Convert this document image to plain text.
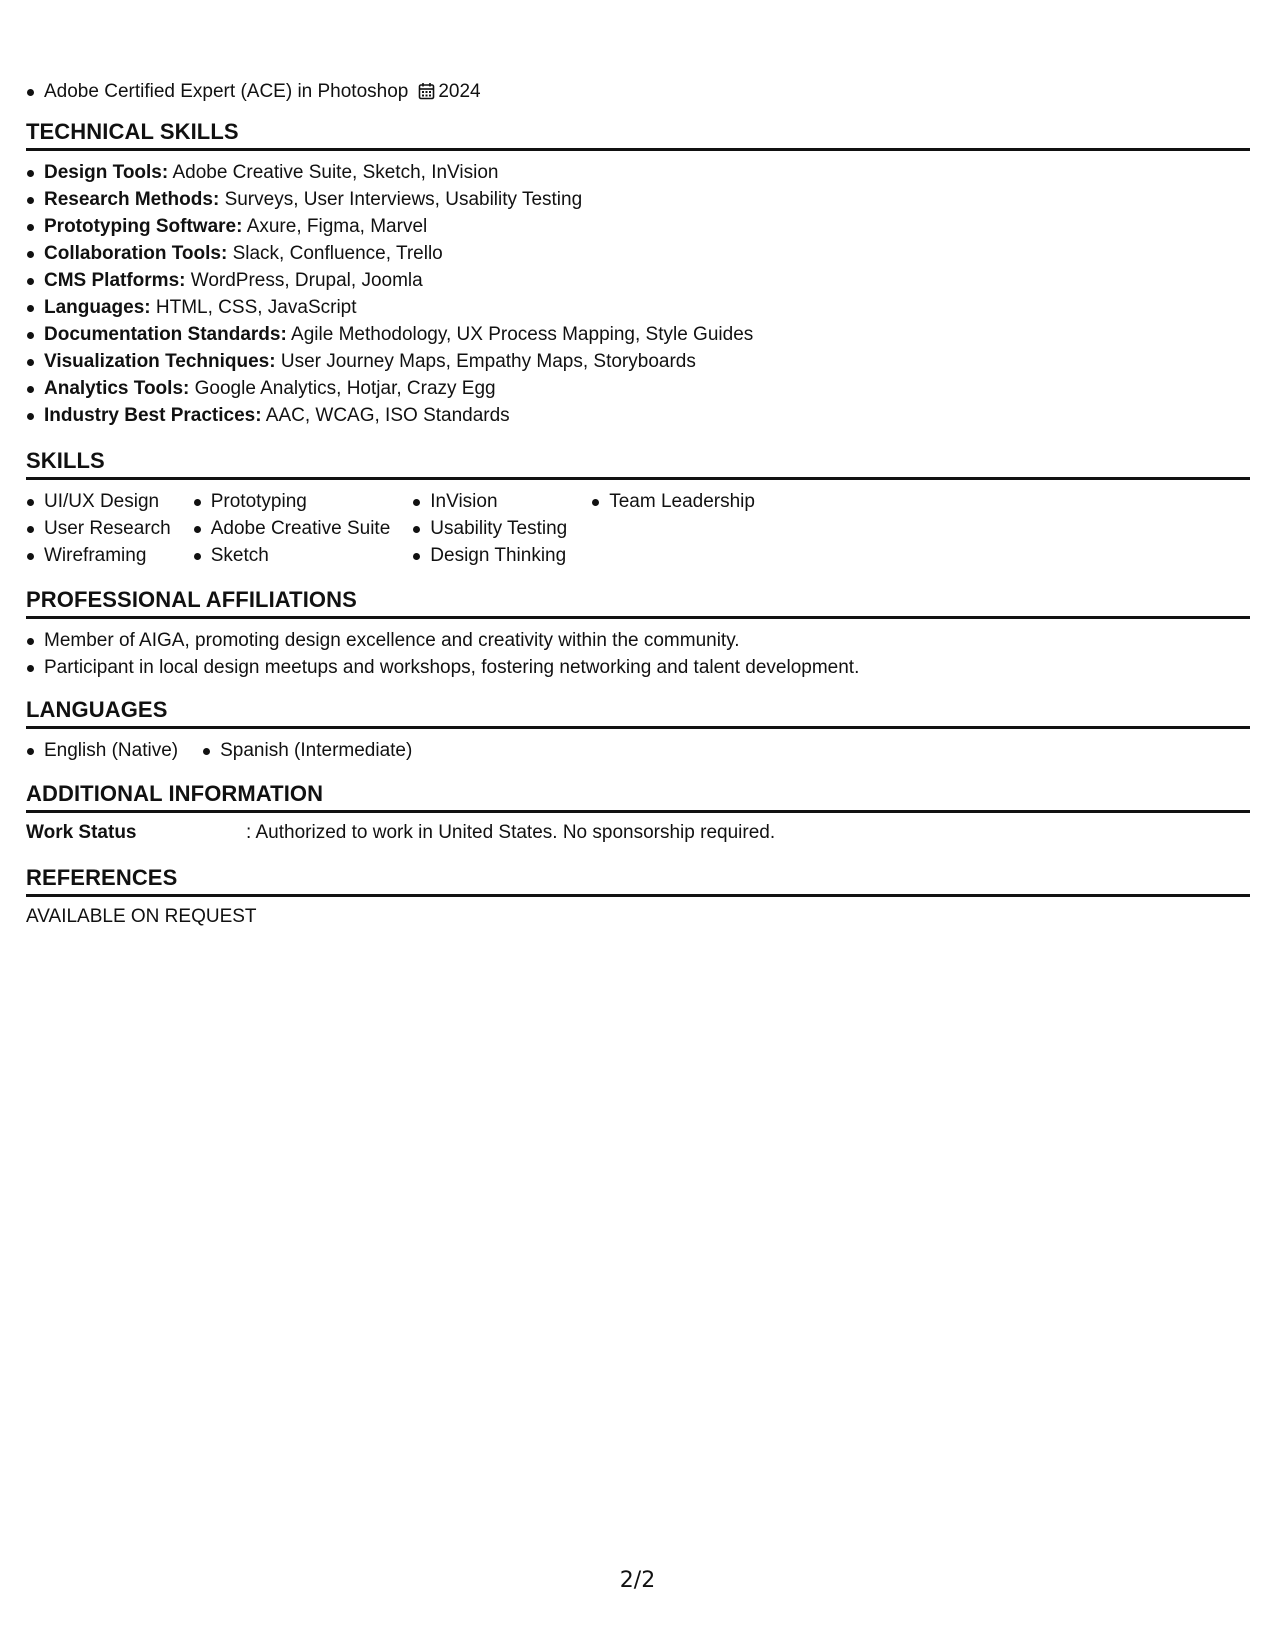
Adobe Certified Expert (ACE) in Photoshop 2024
TECHNICAL SKILLS
Design Tools: Adobe Creative Suite, Sketch, InVision
Research Methods: Surveys, User Interviews, Usability Testing
Prototyping Software: Axure, Figma, Marvel
Collaboration Tools: Slack, Confluence, Trello
CMS Platforms: WordPress, Drupal, Joomla
Languages: HTML, CSS, JavaScript
Documentation Standards: Agile Methodology, UX Process Mapping, Style Guides
Visualization Techniques: User Journey Maps, Empathy Maps, Storyboards
Analytics Tools: Google Analytics, Hotjar, Crazy Egg
Industry Best Practices: AAC, WCAG, ISO Standards
SKILLS
UI/UX Design
User Research
Wireframing
Prototyping
Adobe Creative Suite
Sketch
InVision
Usability Testing
Design Thinking
Team Leadership
PROFESSIONAL AFFILIATIONS
Member of AIGA, promoting design excellence and creativity within the community.
Participant in local design meetups and workshops, fostering networking and talent development.
LANGUAGES
English (Native)	Spanish (Intermediate)
ADDITIONAL INFORMATION
Work Status	: Authorized to work in United States. No sponsorship required.
REFERENCES
AVAILABLE ON REQUEST
2/2
